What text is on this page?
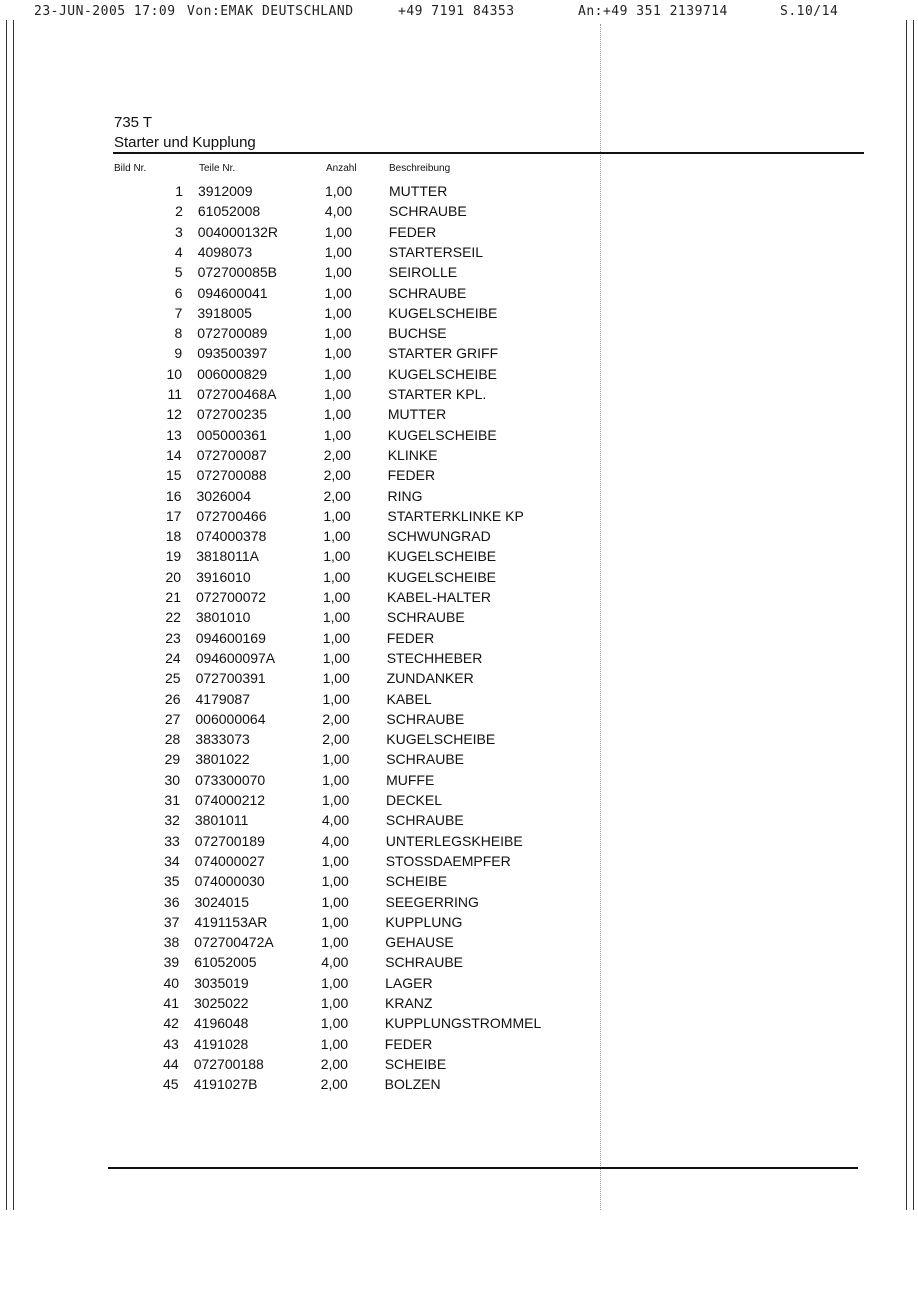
23-JUN-2005 17:09 Von:EMAK DEUTSCHLAND	+49 7191 84353	An:+49 351 2139714	S.10/14
735 T
Starter und Kupplung
Bild Nr.	Teile Nr.	Anzahl	Beschreibung
1 3912009	1,00	MUTTER
2 61052008	4,00	SCHRAUBE
3 004000132R	1,00	FEDER
4 4098073	1,00	STARTERSEIL
5 072700085B	1,00	SEIROLLE
6 094600041	1,00	SCHRAUBE
7 3918005	1,00	KUGELSCHEIBE
8 072700089	1,00	BUCHSE
9 093500397	1,00	STARTER GRIFF
10 006000829	1,00	KUGELSCHEIBE
11 072700468A	1,00	STARTER KPL.
12 072700235	1,00	MUTTER
13 005000361	1,00	KUGELSCHEIBE
14 072700087	2,00	KLINKE
15 072700088	2,00	FEDER
16 3026004	2,00	RING
17 072700466	1,00	STARTERKLINKE KP
18 074000378	1,00	SCHWUNGRAD
19 3818011A	1,00	KUGELSCHEIBE
20 3916010	1,00	KUGELSCHEIBE
21 072700072	1,00	KABEL-HALTER
22 3801010	1,00	SCHRAUBE
23 094600169	1,00	FEDER
24 094600097A	1,00	STECHHEBER
25 072700391	1,00	ZUNDANKER
26 4179087	1,00	KABEL
27 006000064	2,00	SCHRAUBE
28 3833073	2,00	KUGELSCHEIBE
29 3801022	1,00	SCHRAUBE
30 073300070	1,00	MUFFE
31 074000212	1,00	DECKEL
32 3801011	4,00	SCHRAUBE
33 072700189	4,00	UNTERLEGSKHEIBE
34 074000027	1,00	STOSSDAEMPFER
35 074000030	1,00	SCHEIBE
36 3024015	1,00	SEEGERRING
37 4191153AR	1,00	KUPPLUNG
38 072700472A	1,00	GEHAUSE
39 61052005	4,00	SCHRAUBE
40 3035019	1,00	LAGER
41 3025022	1,00	KRANZ
42 4196048	1,00	KUPPLUNGSTROMMEL
43 4191028	1,00	FEDER
44 072700188	2,00	SCHEIBE
45 4191027B	2,00	BOLZEN
